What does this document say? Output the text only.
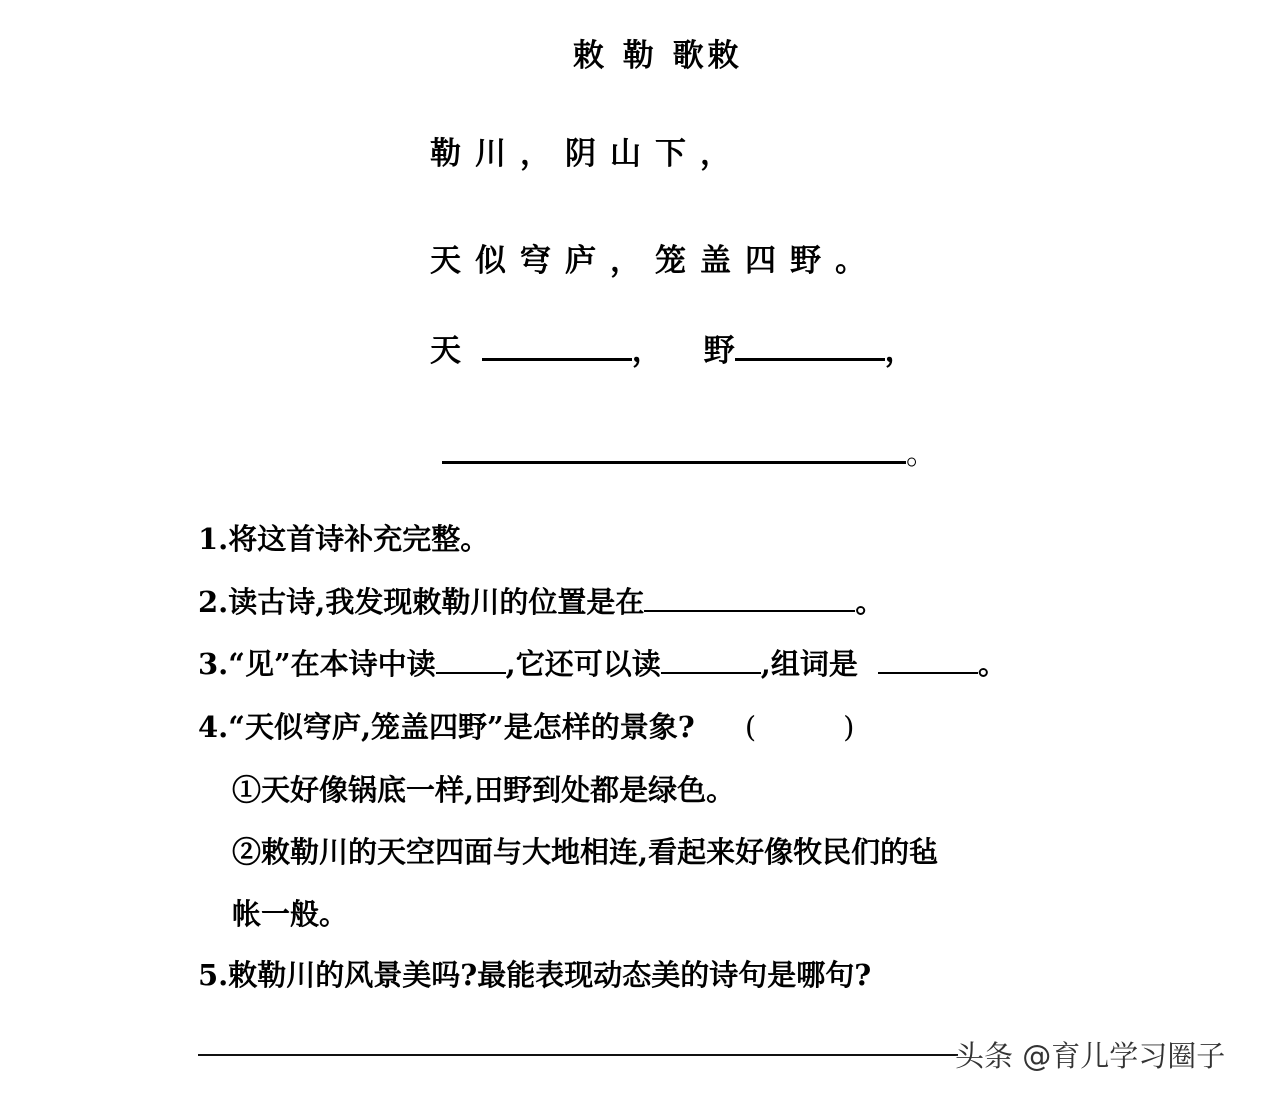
敕 勒 歌敕
勒川，阴山下，
天似穹庐，笼盖四野。
天	， 野	，
。
1.将这首诗补充完整。
2.读古诗,我发现敕勒川的位置是在	。
3.“见”在本诗中读 ,它还可以读	,组词是	。
4.“天似穹庐,笼盖四野”是怎样的景象? (　　　)
①天好像锅底一样,田野到处都是绿色。
②敕勒川的天空四面与大地相连,看起来好像牧民们的毡
帐一般。
5.敕勒川的风景美吗?最能表现动态美的诗句是哪句?
头条 @育儿学习圈子
